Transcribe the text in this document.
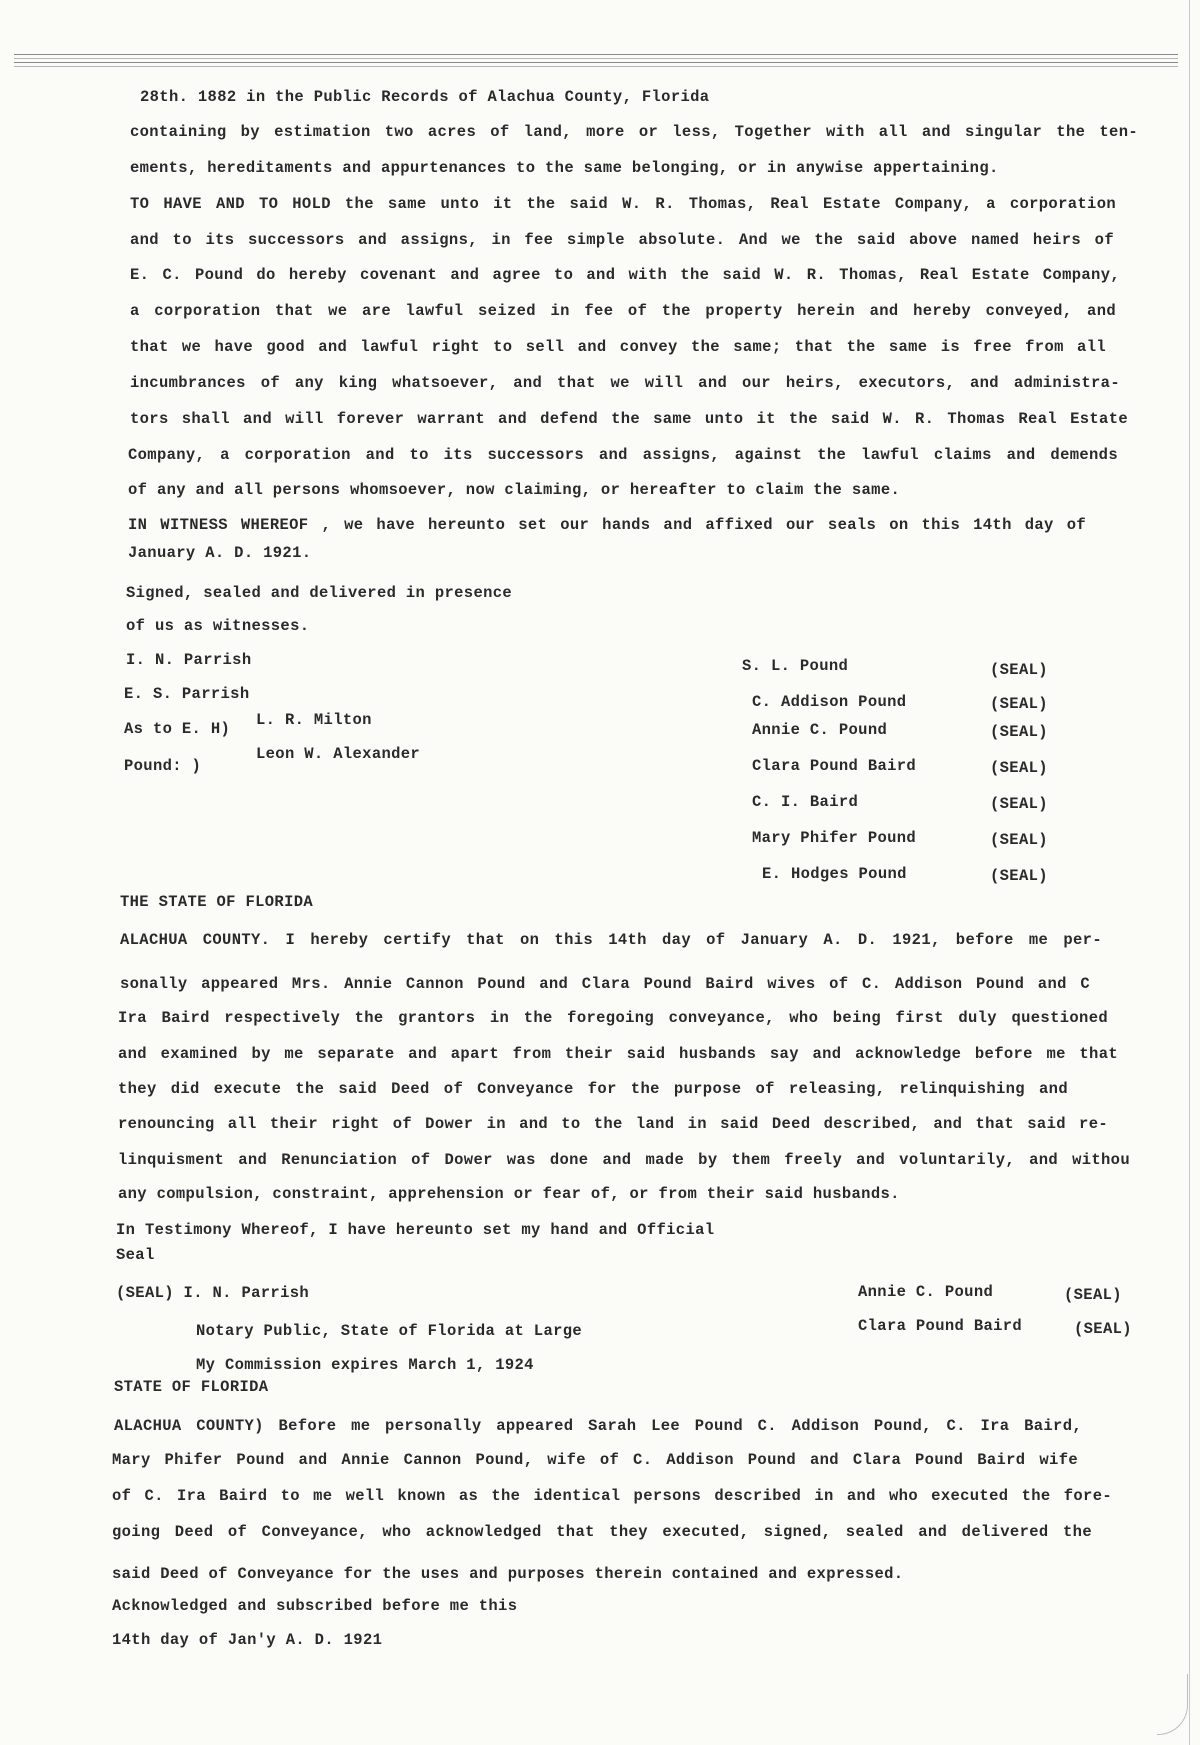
28th. 1882 in the Public Records of Alachua County, Florida
containing by estimation two acres of land, more or less, Together with all and singular the ten-
ements, hereditaments and appurtenances to the same belonging, or in anywise appertaining.
TO HAVE AND TO HOLD the same unto it the said W. R. Thomas, Real Estate Company, a corporation
and to its successors and assigns, in fee simple absolute. And we the said above named heirs of
E. C. Pound do hereby covenant and agree to and with the said W. R. Thomas, Real Estate Company,
a corporation that we are lawful seized in fee of the property herein and hereby conveyed, and
that we have good and lawful right to sell and convey the same; that the same is free from all
incumbrances of any king whatsoever, and that we will and our heirs, executors, and administra-
tors shall and will forever warrant and defend the same unto it the said W. R. Thomas Real Estate
Company, a corporation and to its successors and assigns, against the lawful claims and demends
of any and all persons whomsoever, now claiming, or hereafter to claim the same.
IN WITNESS WHEREOF , we have hereunto set our hands and affixed our seals on this 14th day of
January A. D. 1921.
Signed, sealed and delivered in presence
of us as witnesses.
I. N. Parrish
E. S. Parrish
As to E. H)
Pound: )
L. R. Milton
Leon W. Alexander
S. L. Pound	(SEAL)
C. Addison Pound	(SEAL)
Annie C. Pound	(SEAL)
Clara Pound Baird	(SEAL)
C. I. Baird	(SEAL)
Mary Phifer Pound	(SEAL)
E. Hodges Pound	(SEAL)
THE STATE OF FLORIDA
ALACHUA COUNTY. I hereby certify that on this 14th day of January A. D. 1921, before me per-
sonally appeared Mrs. Annie Cannon Pound and Clara Pound Baird wives of C. Addison Pound and C
Ira Baird respectively the grantors in the foregoing conveyance, who being first duly questioned
and examined by me separate and apart from their said husbands say and acknowledge before me that
they did execute the said Deed of Conveyance for the purpose of releasing, relinquishing and
renouncing all their right of Dower in and to the land in said Deed described, and that said re-
linquisment and Renunciation of Dower was done and made by them freely and voluntarily, and withou
any compulsion, constraint, apprehension or fear of, or from their said husbands.
In Testimony Whereof, I have hereunto set my hand and Official
Seal
(SEAL) I. N. Parrish
Notary Public, State of Florida at Large
My Commission expires March 1, 1924
Annie C. Pound	(SEAL)
Clara Pound Baird	(SEAL)
STATE OF FLORIDA
ALACHUA COUNTY) Before me personally appeared Sarah Lee Pound C. Addison Pound, C. Ira Baird,
Mary Phifer Pound and Annie Cannon Pound, wife of C. Addison Pound and Clara Pound Baird wife
of C. Ira Baird to me well known as the identical persons described in and who executed the fore-
going Deed of Conveyance, who acknowledged that they executed, signed, sealed and delivered the
said Deed of Conveyance for the uses and purposes therein contained and expressed.
Acknowledged and subscribed before me this
14th day of Jan'y A. D. 1921
